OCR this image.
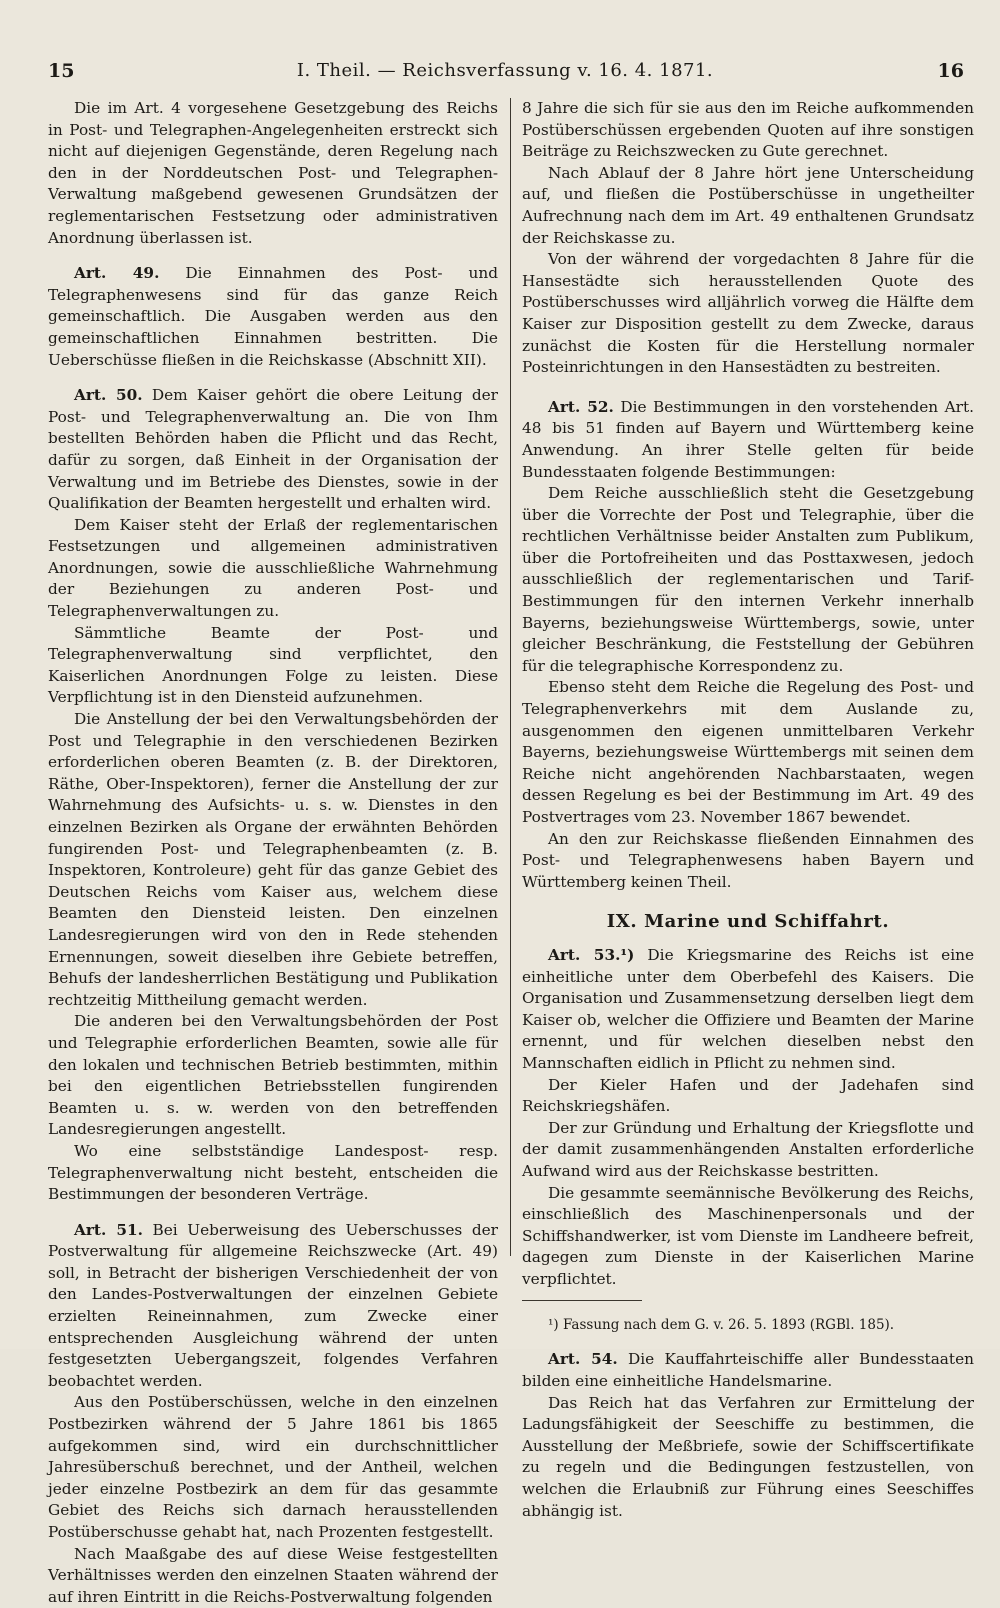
15	I. Theil. — Reichsverfassung v. 16. 4. 1871.	16

Die im Art. 4 vorgesehene Gesetzgebung des Reichs in Post- und Telegraphen-Angelegenheiten erstreckt sich nicht auf diejenigen Gegenstände, deren Regelung nach den in der Norddeutschen Post- und Telegraphen-Verwaltung maßgebend gewesenen Grundsätzen der reglementarischen Festsetzung oder administrativen Anordnung überlassen ist.

Art. 49. Die Einnahmen des Post- und Telegraphenwesens sind für das ganze Reich gemeinschaftlich. Die Ausgaben werden aus den gemeinschaftlichen Einnahmen bestritten. Die Ueberschüsse fließen in die Reichskasse (Abschnitt XII).

Art. 50. Dem Kaiser gehört die obere Leitung der Post- und Telegraphenverwaltung an. Die von Ihm bestellten Behörden haben die Pflicht und das Recht, dafür zu sorgen, daß Einheit in der Organisation der Verwaltung und im Betriebe des Dienstes, sowie in der Qualifikation der Beamten hergestellt und erhalten wird.

Dem Kaiser steht der Erlaß der reglementarischen Festsetzungen und allgemeinen administrativen Anordnungen, sowie die ausschließliche Wahrnehmung der Beziehungen zu anderen Post- und Telegraphenverwaltungen zu.

Sämmtliche Beamte der Post- und Telegraphenverwaltung sind verpflichtet, den Kaiserlichen Anordnungen Folge zu leisten. Diese Verpflichtung ist in den Diensteid aufzunehmen.

Die Anstellung der bei den Verwaltungsbehörden der Post und Telegraphie in den verschiedenen Bezirken erforderlichen oberen Beamten (z. B. der Direktoren, Räthe, Ober-Inspektoren), ferner die Anstellung der zur Wahrnehmung des Aufsichts- u. s. w. Dienstes in den einzelnen Bezirken als Organe der erwähnten Behörden fungirenden Post- und Telegraphenbeamten (z. B. Inspektoren, Kontroleure) geht für das ganze Gebiet des Deutschen Reichs vom Kaiser aus, welchem diese Beamten den Diensteid leisten. Den einzelnen Landesregierungen wird von den in Rede stehenden Ernennungen, soweit dieselben ihre Gebiete betreffen, Behufs der landesherrlichen Bestätigung und Publikation rechtzeitig Mittheilung gemacht werden.

Die anderen bei den Verwaltungsbehörden der Post und Telegraphie erforderlichen Beamten, sowie alle für den lokalen und technischen Betrieb bestimmten, mithin bei den eigentlichen Betriebsstellen fungirenden Beamten u. s. w. werden von den betreffenden Landesregierungen angestellt.

Wo eine selbstständige Landespost- resp. Telegraphenverwaltung nicht besteht, entscheiden die Bestimmungen der besonderen Verträge.

Art. 51. Bei Ueberweisung des Ueberschusses der Postverwaltung für allgemeine Reichszwecke (Art. 49) soll, in Betracht der bisherigen Verschiedenheit der von den Landes-Postverwaltungen der einzelnen Gebiete erzielten Reineinnahmen, zum Zwecke einer entsprechenden Ausgleichung während der unten festgesetzten Uebergangszeit, folgendes Verfahren beobachtet werden.

Aus den Postüberschüssen, welche in den einzelnen Postbezirken während der 5 Jahre 1861 bis 1865 aufgekommen sind, wird ein durchschnittlicher Jahresüberschuß berechnet, und der Antheil, welchen jeder einzelne Postbezirk an dem für das gesammte Gebiet des Reichs sich darnach herausstellenden Postüberschusse gehabt hat, nach Prozenten festgestellt.

Nach Maaßgabe des auf diese Weise festgestellten Verhältnisses werden den einzelnen Staaten während der auf ihren Eintritt in die Reichs-Postverwaltung folgenden

8 Jahre die sich für sie aus den im Reiche aufkommenden Postüberschüssen ergebenden Quoten auf ihre sonstigen Beiträge zu Reichszwecken zu Gute gerechnet.

Nach Ablauf der 8 Jahre hört jene Unterscheidung auf, und fließen die Postüberschüsse in ungetheilter Aufrechnung nach dem im Art. 49 enthaltenen Grundsatz der Reichskasse zu.

Von der während der vorgedachten 8 Jahre für die Hansestädte sich herausstellenden Quote des Postüberschusses wird alljährlich vorweg die Hälfte dem Kaiser zur Disposition gestellt zu dem Zwecke, daraus zunächst die Kosten für die Herstellung normaler Posteinrichtungen in den Hansestädten zu bestreiten.

Art. 52. Die Bestimmungen in den vorstehenden Art. 48 bis 51 finden auf Bayern und Württemberg keine Anwendung. An ihrer Stelle gelten für beide Bundesstaaten folgende Bestimmungen:

Dem Reiche ausschließlich steht die Gesetzgebung über die Vorrechte der Post und Telegraphie, über die rechtlichen Verhältnisse beider Anstalten zum Publikum, über die Portofreiheiten und das Posttaxwesen, jedoch ausschließlich der reglementarischen und Tarif-Bestimmungen für den internen Verkehr innerhalb Bayerns, beziehungsweise Württembergs, sowie, unter gleicher Beschränkung, die Feststellung der Gebühren für die telegraphische Korrespondenz zu.

Ebenso steht dem Reiche die Regelung des Post- und Telegraphenverkehrs mit dem Auslande zu, ausgenommen den eigenen unmittelbaren Verkehr Bayerns, beziehungsweise Württembergs mit seinen dem Reiche nicht angehörenden Nachbarstaaten, wegen dessen Regelung es bei der Bestimmung im Art. 49 des Postvertrages vom 23. November 1867 bewendet.

An den zur Reichskasse fließenden Einnahmen des Post- und Telegraphenwesens haben Bayern und Württemberg keinen Theil.

IX. Marine und Schiffahrt.

Art. 53.¹) Die Kriegsmarine des Reichs ist eine einheitliche unter dem Oberbefehl des Kaisers. Die Organisation und Zusammensetzung derselben liegt dem Kaiser ob, welcher die Offiziere und Beamten der Marine ernennt, und für welchen dieselben nebst den Mannschaften eidlich in Pflicht zu nehmen sind.

Der Kieler Hafen und der Jadehafen sind Reichskriegshäfen.

Der zur Gründung und Erhaltung der Kriegsflotte und der damit zusammenhängenden Anstalten erforderliche Aufwand wird aus der Reichskasse bestritten.

Die gesammte seemännische Bevölkerung des Reichs, einschließlich des Maschinenpersonals und der Schiffshandwerker, ist vom Dienste im Landheere befreit, dagegen zum Dienste in der Kaiserlichen Marine verpflichtet.

¹) Fassung nach dem G. v. 26. 5. 1893 (RGBl. 185).

Art. 54. Die Kauffahrteischiffe aller Bundesstaaten bilden eine einheitliche Handelsmarine.

Das Reich hat das Verfahren zur Ermittelung der Ladungsfähigkeit der Seeschiffe zu bestimmen, die Ausstellung der Meßbriefe, sowie der Schiffscertifikate zu regeln und die Bedingungen festzustellen, von welchen die Erlaubniß zur Führung eines Seeschiffes abhängig ist.
